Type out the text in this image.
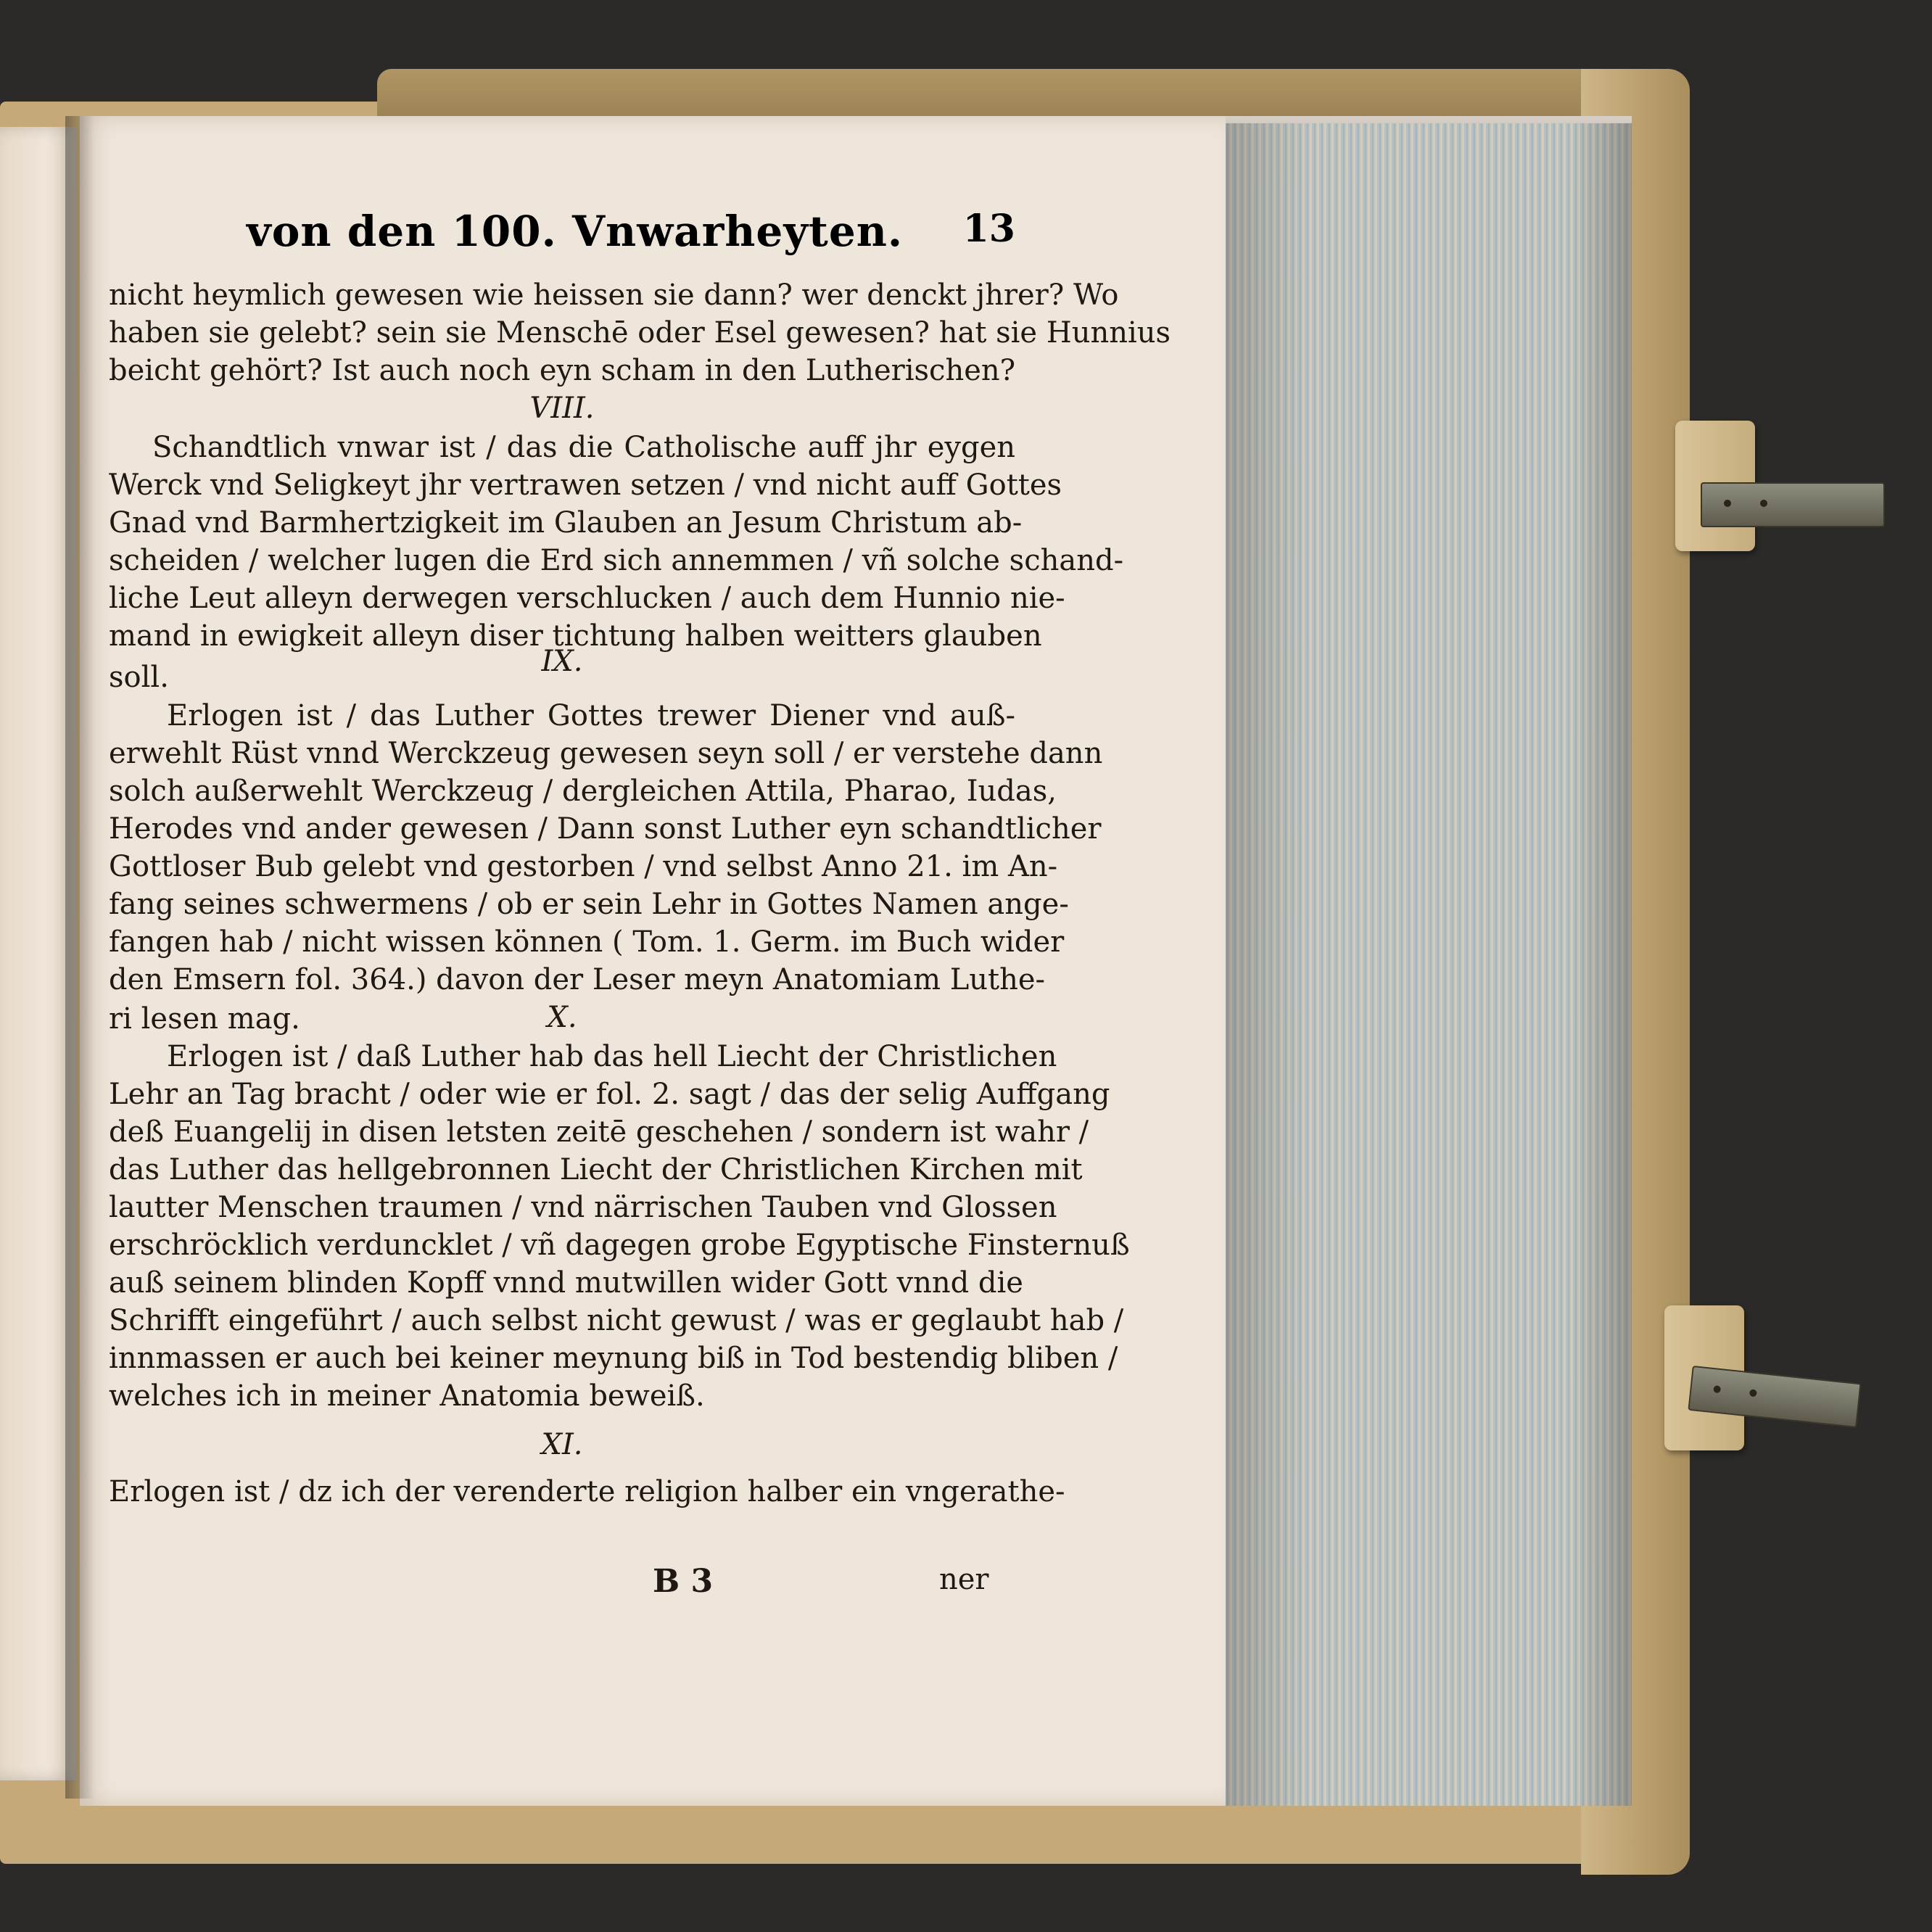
von den 100. Vnwarheyten. 13
nicht heymlich gewesen wie heissen sie dann? wer denckt jhrer? Wo
haben sie gelebt? sein sie Menschē oder Esel gewesen? hat sie Hunnius
beicht gehört? Ist auch noch eyn scham in den Lutherischen?
VIII.
Schandtlich vnwar ist / das die Catholische auff jhr eygen
Werck vnd Seligkeyt jhr vertrawen setzen / vnd nicht auff Gottes
Gnad vnd Barmhertzigkeit im Glauben an Jesum Christum ab-
scheiden / welcher lugen die Erd sich annemmen / vñ solche schand-
liche Leut alleyn derwegen verschlucken / auch dem Hunnio nie-
mand in ewigkeit alleyn diser tichtung halben weitters glauben
soll.	IX.
Erlogen ist / das Luther Gottes trewer Diener vnd auß-
erwehlt Rüst vnnd Werckzeug gewesen seyn soll / er verstehe dann
solch außerwehlt Werckzeug / dergleichen Attila, Pharao, Iudas,
Herodes vnd ander gewesen / Dann sonst Luther eyn schandtlicher
Gottloser Bub gelebt vnd gestorben / vnd selbst Anno 21. im An-
fang seines schwermens / ob er sein Lehr in Gottes Namen ange-
fangen hab / nicht wissen können ( Tom. 1. Germ. im Buch wider
den Emsern fol. 364.) davon der Leser meyn Anatomiam Luthe-
ri lesen mag.	X.
Erlogen ist / daß Luther hab das hell Liecht der Christlichen
Lehr an Tag bracht / oder wie er fol. 2. sagt / das der selig Auffgang
deß Euangelij in disen letsten zeitē geschehen / sondern ist wahr /
das Luther das hellgebronnen Liecht der Christlichen Kirchen mit
lautter Menschen traumen / vnd närrischen Tauben vnd Glossen
erschröcklich verduncklet / vñ dagegen grobe Egyptische Finsternuß
auß seinem blinden Kopff vnnd mutwillen wider Gott vnnd die
Schrifft eingeführt / auch selbst nicht gewust / was er geglaubt hab /
innmassen er auch bei keiner meynung biß in Tod bestendig bliben /
welches ich in meiner Anatomia beweiß.
XI.
Erlogen ist / dz ich der verenderte religion halber ein vngerathe-
B 3	ner
